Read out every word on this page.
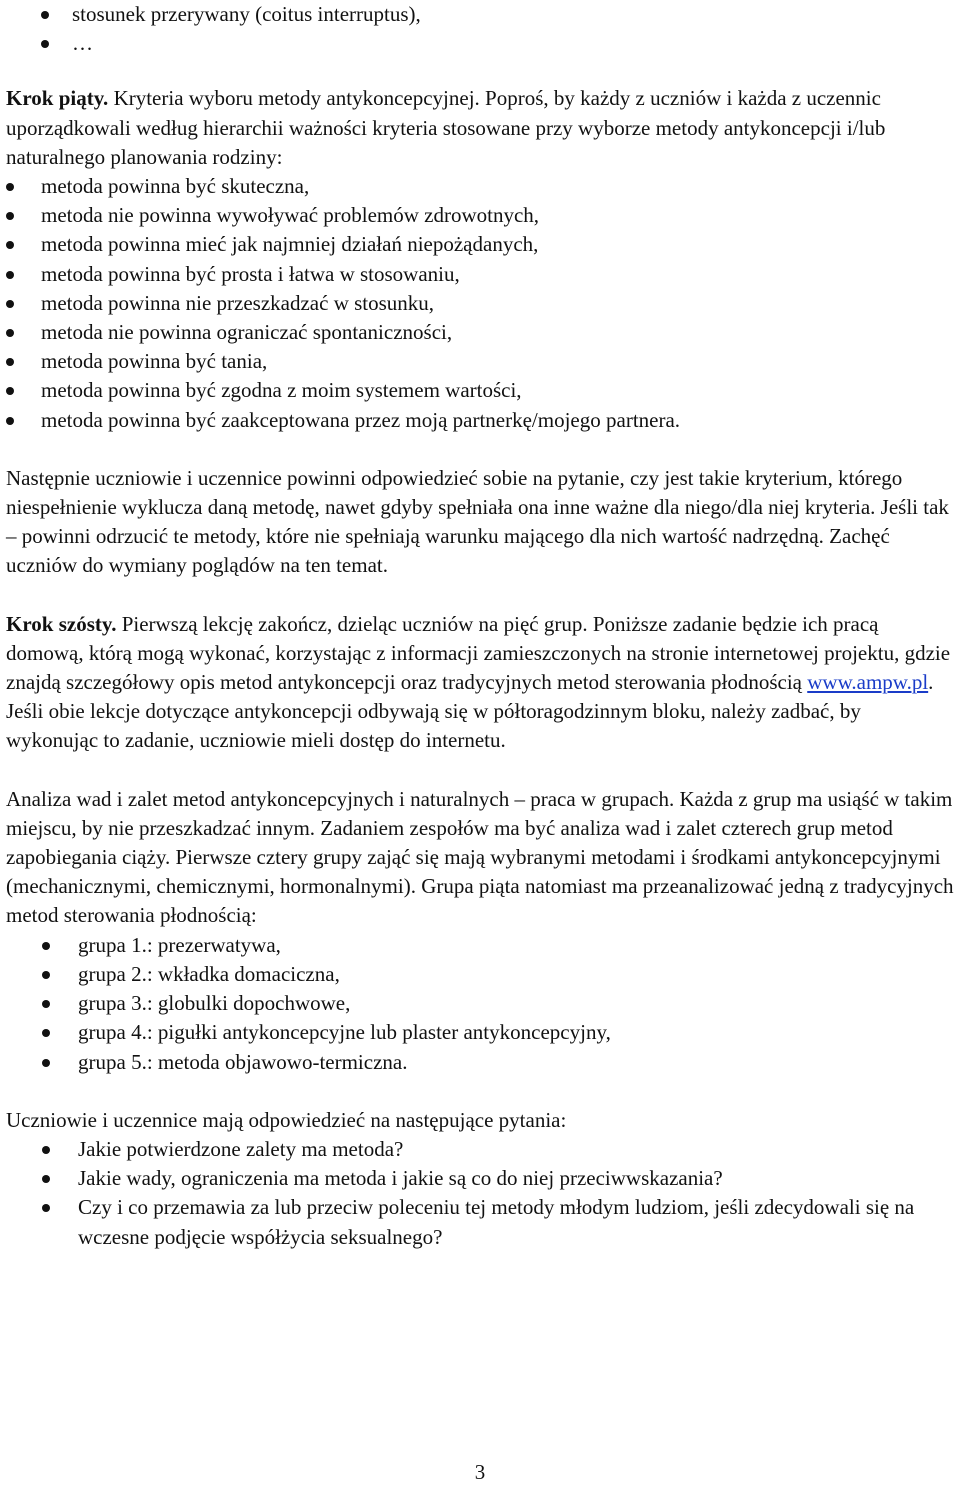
stosunek przerywany (coitus interruptus),
…

Krok piąty. Kryteria wyboru metody antykoncepcyjnej. Poproś, by każdy z uczniów i każda z uczennic uporządkowali według hierarchii ważności kryteria stosowane przy wyborze metody antykoncepcji i/lub naturalnego planowania rodziny:

metoda powinna być skuteczna,
metoda nie powinna wywoływać problemów zdrowotnych,
metoda powinna mieć jak najmniej działań niepożądanych,
metoda powinna być prosta i łatwa w stosowaniu,
metoda powinna nie przeszkadzać w stosunku,
metoda nie powinna ograniczać spontaniczności,
metoda powinna być tania,
metoda powinna być zgodna z moim systemem wartości,
metoda powinna być zaakceptowana przez moją partnerkę/mojego partnera.

Następnie uczniowie i uczennice powinni odpowiedzieć sobie na pytanie, czy jest takie kryterium, którego niespełnienie wyklucza daną metodę, nawet gdyby spełniała ona inne ważne dla niego/dla niej kryteria. Jeśli tak – powinni odrzucić te metody, które nie spełniają warunku mającego dla nich wartość nadrzędną. Zachęć uczniów do wymiany poglądów na ten temat.

Krok szósty. Pierwszą lekcję zakończ, dzieląc uczniów na pięć grup. Poniższe zadanie będzie ich pracą domową, którą mogą wykonać, korzystając z informacji zamieszczonych na stronie internetowej projektu, gdzie znajdą szczegółowy opis metod antykoncepcji oraz tradycyjnych metod sterowania płodnością www.ampw.pl. Jeśli obie lekcje dotyczące antykoncepcji odbywają się w półtoragodzinnym bloku, należy zadbać, by wykonując to zadanie, uczniowie mieli dostęp do internetu.

Analiza wad i zalet metod antykoncepcyjnych i naturalnych – praca w grupach. Każda z grup ma usiąść w takim miejscu, by nie przeszkadzać innym. Zadaniem zespołów ma być analiza wad i zalet czterech grup metod zapobiegania ciąży. Pierwsze cztery grupy zająć się mają wybranymi metodami i środkami antykoncepcyjnymi (mechanicznymi, chemicznymi, hormonalnymi). Grupa piąta natomiast ma przeanalizować jedną z tradycyjnych metod sterowania płodnością:

grupa 1.: prezerwatywa,
grupa 2.: wkładka domaciczna,
grupa 3.: globulki dopochwowe,
grupa 4.: pigułki antykoncepcyjne lub plaster antykoncepcyjny,
grupa 5.: metoda objawowo-termiczna.

Uczniowie i uczennice mają odpowiedzieć na następujące pytania:

Jakie potwierdzone zalety ma metoda?
Jakie wady, ograniczenia ma metoda i jakie są co do niej przeciwwskazania?
Czy i co przemawia za lub przeciw poleceniu tej metody młodym ludziom, jeśli zdecydowali się na wczesne podjęcie współżycia seksualnego?
3
